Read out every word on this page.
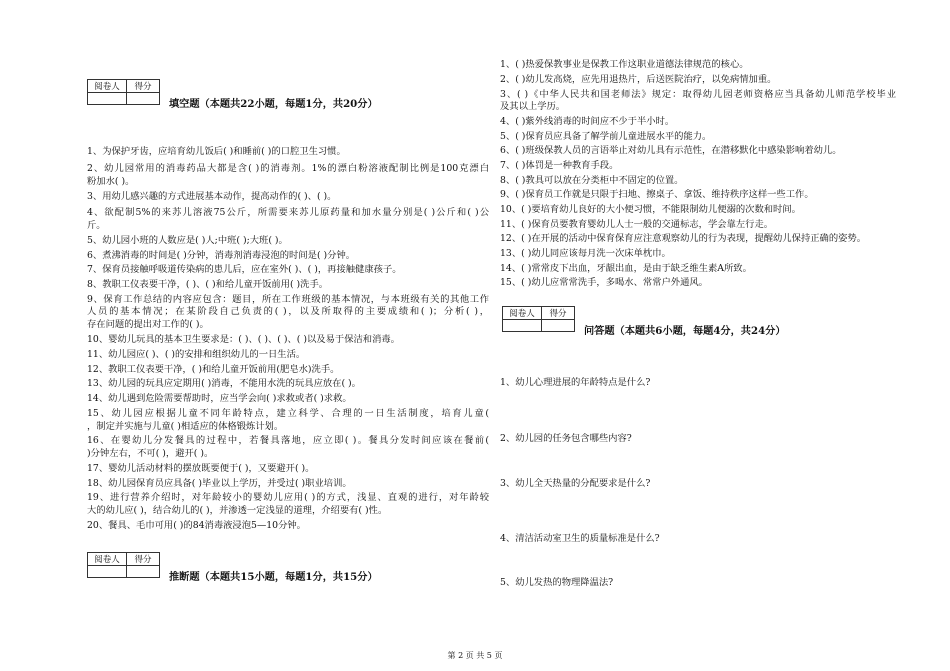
阅卷人	得分

填空题（本题共22小题，每题1分，共20分）
1、为保护牙齿，应培育幼儿饭后( )和睡前( )的口腔卫生习惯。
2、幼儿园常用的消毒药品大都是含( )的消毒剂。1%的漂白粉溶液配制比例是100克漂白
粉加水( )。
3、用幼儿感兴趣的方式进展基本动作，提高动作的( )、( )。
4、欲配制5%的来苏儿溶液75公斤，所需要来苏儿原药量和加水量分别是( )公斤和( )公
斤。
5、幼儿园小班的人数应是( )人;中班( );大班( )。
6、煮沸消毒的时间是( )分钟，消毒剂消毒浸泡的时间是( )分钟。
7、保育员接触呼吸道传染病的患儿后，应在室外( )、( )，再接触健康孩子。
8、教职工仪表要干净，( )、( )和给儿童开饭前用( )洗手。
9、保育工作总结的内容应包含：题目，所在工作班级的基本情况，与本班级有关的其他工作
人员的基本情况；在某阶段自己负责的( )，以及所取得的主要成绩和( )；分析( )，
存在问题的提出对工作的( )。
10、婴幼儿玩具的基本卫生要求是：( )、( )、( )、( )以及易于保洁和消毒。
11、幼儿园应( )、( )的安排和组织幼儿的一日生活。
12、教职工仪表要干净，( )和给儿童开饭前用(肥皂水)洗手。
13、幼儿园的玩具应定期用( )消毒，不能用水洗的玩具应放在( )。
14、幼儿遇到危险需要帮助时，应当学会向( )求救或者( )求救。
15、幼儿园应根据儿童不同年龄特点，建立科学、合理的一日生活制度，培育儿童(
，制定并实施与儿童( )相适应的体格锻炼计划。
16、在婴幼儿分发餐具的过程中，若餐具落地，应立即( )。餐具分发时间应该在餐前(
)分钟左右，不可( )，避开( )。
17、婴幼儿活动材料的摆放既要便于( )，又要避开( )。
18、幼儿园保育员应具备( )毕业以上学历，并受过( )职业培训。
19、进行营养介绍时，对年龄较小的婴幼儿应用( )的方式，浅显、直观的进行，对年龄较
大的幼儿应( )，结合幼儿的( )，并渗透一定浅显的道理，介绍要有( )性。
20、餐具、毛巾可用( )的84消毒液浸泡5—10分钟。
阅卷人	得分

推断题（本题共15小题，每题1分，共15分）
1、( )热爱保教事业是保教工作这职业道德法律规范的核心。
2、( )幼儿发高烧，应先用退热片，后送医院治疗，以免病情加重。
3、( )《中华人民共和国老师法》规定：取得幼儿园老师资格应当具备幼儿师范学校毕业
及其以上学历。
4、( )紫外线消毒的时间应不少于半小时。
5、( )保育员应具备了解学前儿童进展水平的能力。
6、( )班级保教人员的言语举止对幼儿具有示范性，在潜移默化中感染影响着幼儿。
7、( )体罚是一种教育手段。
8、( )教具可以放在分类柜中不固定的位置。
9、( )保育员工作就是只限于扫地、擦桌子、拿饭、维持秩序这样一些工作。
10、( )要培育幼儿良好的大小便习惯，不能限制幼儿便溺的次数和时间。
11、( )保育员要教育婴幼儿人士一般的交通标志，学会靠左行走。
12、( )在开展的活动中保育保育应注意观察幼儿的行为表现，提醒幼儿保持正确的姿势。
13、( )幼儿同应该每月洗一次床单枕巾。
14、( )常常皮下出血，牙龈出血，是由于缺乏维生素A所致。
15、( )幼儿应常常洗手，多喝水、常常户外通风。
阅卷人	得分

问答题（本题共6小题，每题4分，共24分）
1、幼儿心理进展的年龄特点是什么?
2、幼儿园的任务包含哪些内容?
3、幼儿全天热量的分配要求是什么?
4、清洁活动室卫生的质量标准是什么?
5、幼儿发热的物理降温法?
第 2 页 共 5 页
